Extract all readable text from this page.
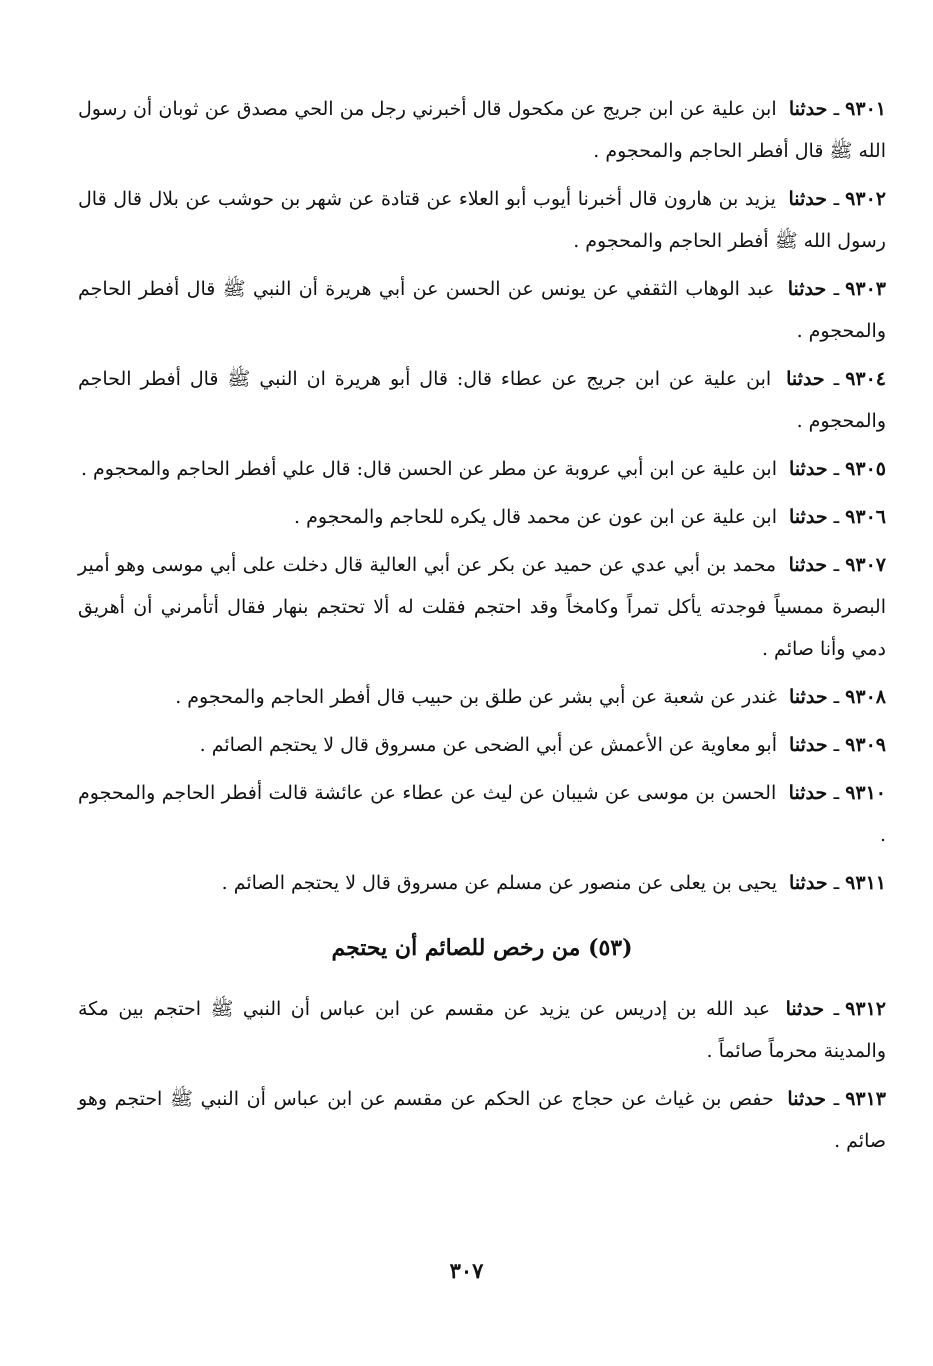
٩٣٠١ـ حدثنا ابن علية عن ابن جريج عن مكحول قال أخبرني رجل من الحي مصدق عن ثوبان أن رسول الله ﷺ قال أفطر الحاجم والمحجوم .

٩٣٠٢ـ حدثنا يزيد بن هارون قال أخبرنا أيوب أبو العلاء عن قتادة عن شهر بن حوشب عن بلال قال قال رسول الله ﷺ أفطر الحاجم والمحجوم .

٩٣٠٣ـ حدثنا عبد الوهاب الثقفي عن يونس عن الحسن عن أبي هريرة أن النبي ﷺ قال أفطر الحاجم والمحجوم .

٩٣٠٤ـ حدثنا ابن علية عن ابن جريج عن عطاء قال: قال أبو هريرة ان النبي ﷺ قال أفطر الحاجم والمحجوم .

٩٣٠٥ـ حدثنا ابن علية عن ابن أبي عروبة عن مطر عن الحسن قال: قال علي أفطر الحاجم والمحجوم .

٩٣٠٦ـ حدثنا ابن علية عن ابن عون عن محمد قال يكره للحاجم والمحجوم .

٩٣٠٧ـ حدثنا محمد بن أبي عدي عن حميد عن بكر عن أبي العالية قال دخلت على أبي موسى وهو أمير البصرة ممسياً فوجدته يأكل تمراً وكامخاً وقد احتجم فقلت له ألا تحتجم بنهار فقال أتأمرني أن أهريق دمي وأنا صائم .

٩٣٠٨ـ حدثنا غندر عن شعبة عن أبي بشر عن طلق بن حبيب قال أفطر الحاجم والمحجوم .

٩٣٠٩ـ حدثنا أبو معاوية عن الأعمش عن أبي الضحى عن مسروق قال لا يحتجم الصائم .

٩٣١٠ـ حدثنا الحسن بن موسى عن شيبان عن ليث عن عطاء عن عائشة قالت أفطر الحاجم والمحجوم .

٩٣١١ـ حدثنا يحيى بن يعلى عن منصور عن مسلم عن مسروق قال لا يحتجم الصائم .

(٥٣) من رخص للصائم أن يحتجم

٩٣١٢ـ حدثنا عبد الله بن إدريس عن يزيد عن مقسم عن ابن عباس أن النبي ﷺ احتجم بين مكة والمدينة محرماً صائماً .

٩٣١٣ـ حدثنا حفص بن غياث عن حجاج عن الحكم عن مقسم عن ابن عباس أن النبي ﷺ احتجم وهو صائم .

٣٠٧
